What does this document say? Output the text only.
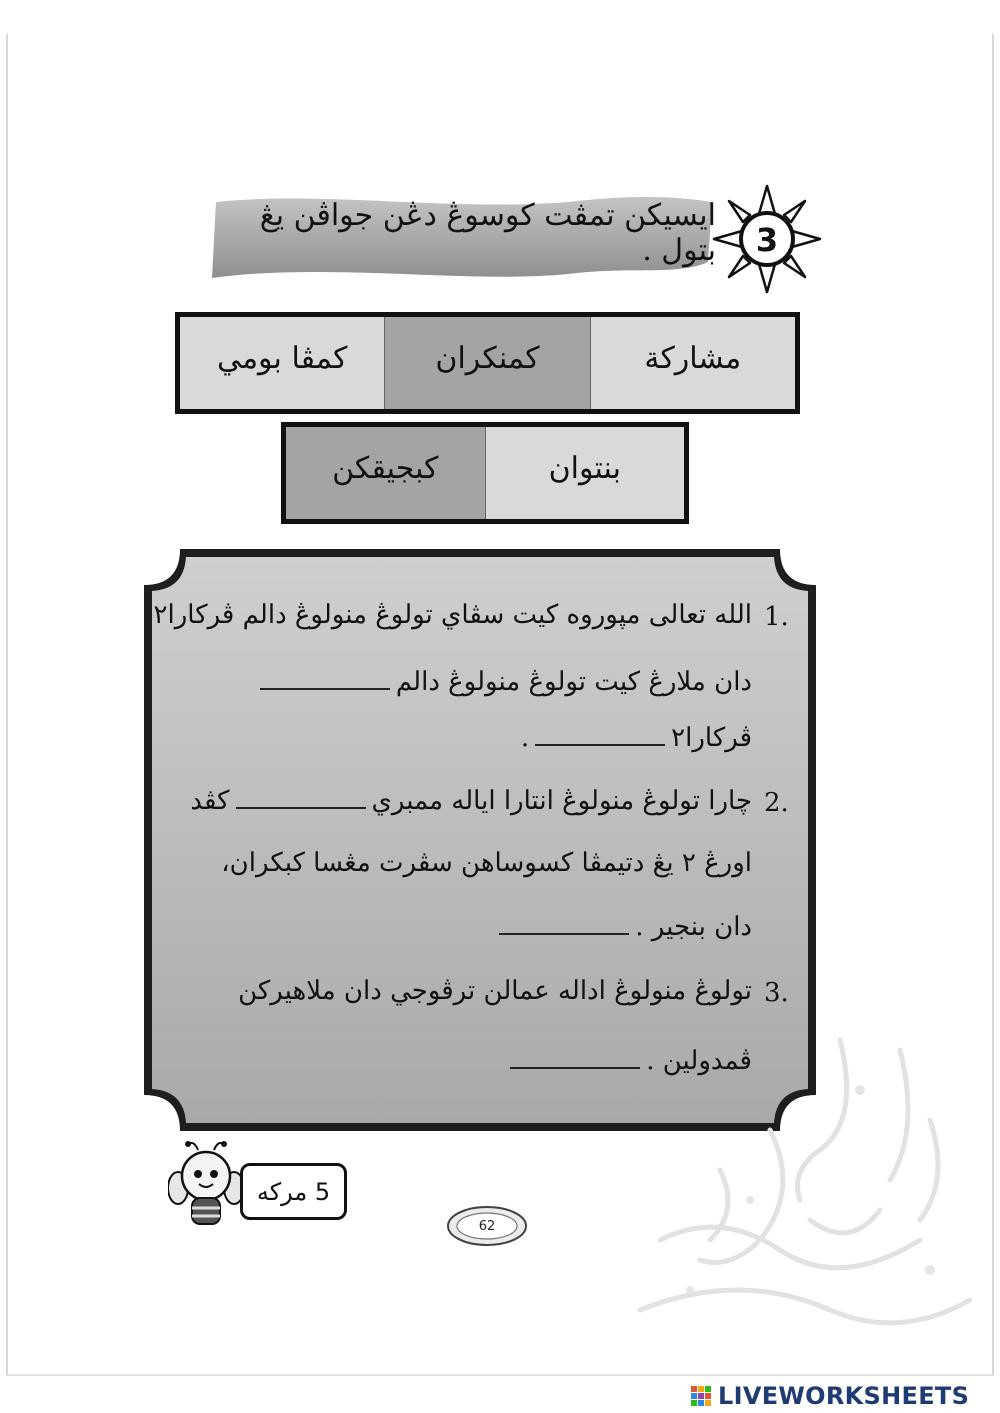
3
ايسيكن تمڤت كوسوڠ دڠن جواڤن يڠ بتول .
مشاركة
كمنكران
كمڤا بومي
بنتوان
كبجيقكن
1.
الله تعالى مپوروه كيت سڤاي تولوڠ منولوڠ دالم ڤركارا٢
دان ملارڠ كيت تولوڠ منولوڠ دالم
ڤركارا٢.
2.
چارا تولوڠ منولوڠ انتارا اياله ممبريكڤد
اورڠ ٢ يڠ دتيمڤا كسوساهن سڤرت مڠسا كبكران،
دان بنجير .
3.
تولوڠ منولوڠ اداله عمالن ترڤوجي دان ملاهيركن
ڤمدولين .
5 مركه
62
LIVEWORKSHEETS
